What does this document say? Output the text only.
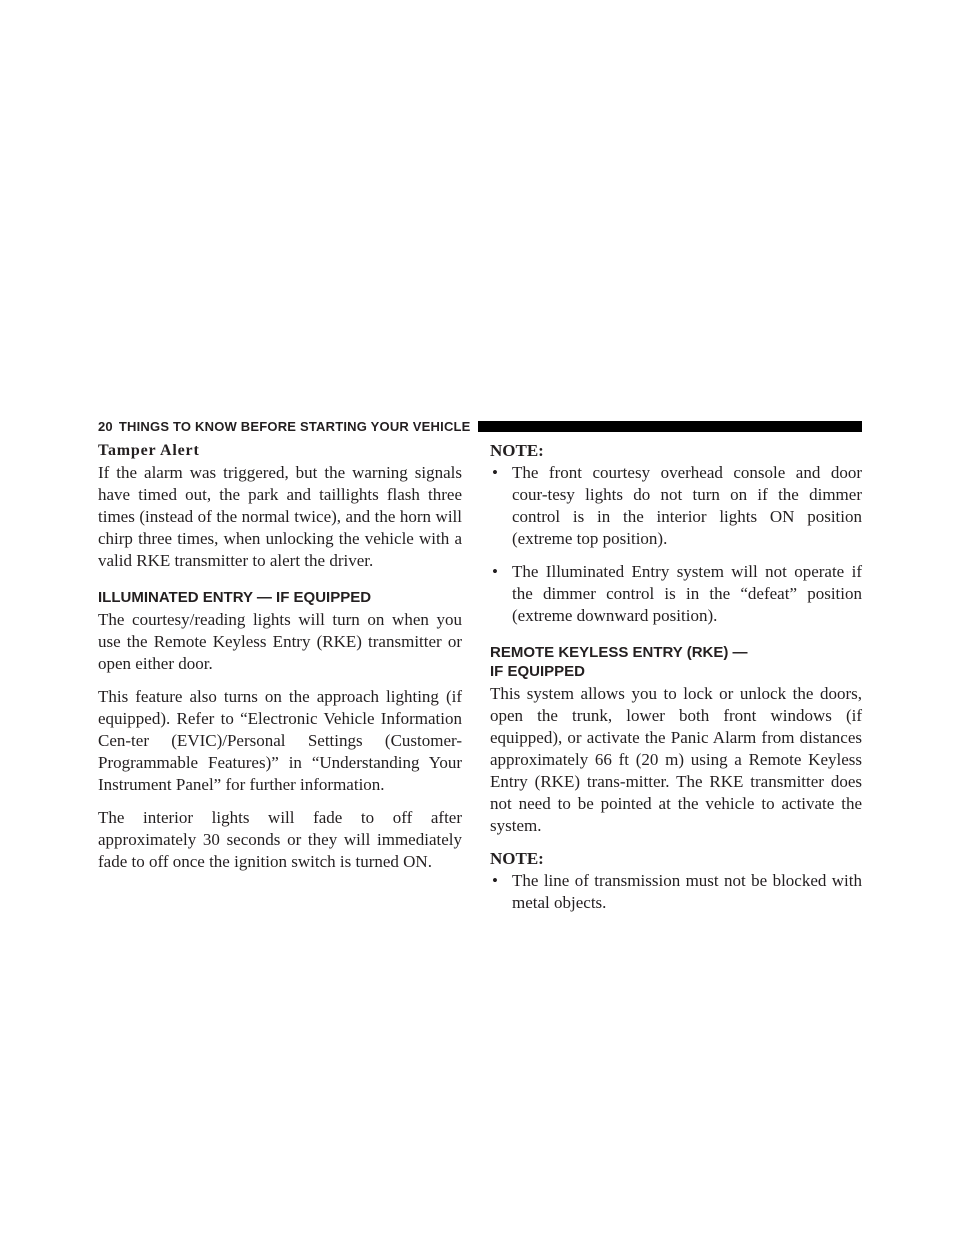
20 THINGS TO KNOW BEFORE STARTING YOUR VEHICLE
Tamper Alert

If the alarm was triggered, but the warning signals have timed out, the park and taillights flash three times (instead of the normal twice), and the horn will chirp three times, when unlocking the vehicle with a valid RKE transmitter to alert the driver.

ILLUMINATED ENTRY — IF EQUIPPED

The courtesy/reading lights will turn on when you use the Remote Keyless Entry (RKE) transmitter or open either door.

This feature also turns on the approach lighting (if equipped). Refer to “Electronic Vehicle Information Cen-ter (EVIC)/Personal Settings (Customer-Programmable Features)” in “Understanding Your Instrument Panel” for further information.

The interior lights will fade to off after approximately 30 seconds or they will immediately fade to off once the ignition switch is turned ON.

NOTE:

• The front courtesy overhead console and door cour-tesy lights do not turn on if the dimmer control is in the interior lights ON position (extreme top position).
• The Illuminated Entry system will not operate if the dimmer control is in the “defeat” position (extreme downward position).
REMOTE KEYLESS ENTRY (RKE) —
IF EQUIPPED

This system allows you to lock or unlock the doors, open the trunk, lower both front windows (if equipped), or activate the Panic Alarm from distances approximately 66 ft (20 m) using a Remote Keyless Entry (RKE) trans-mitter. The RKE transmitter does not need to be pointed at the vehicle to activate the system.

NOTE:

• The line of transmission must not be blocked with metal objects.
